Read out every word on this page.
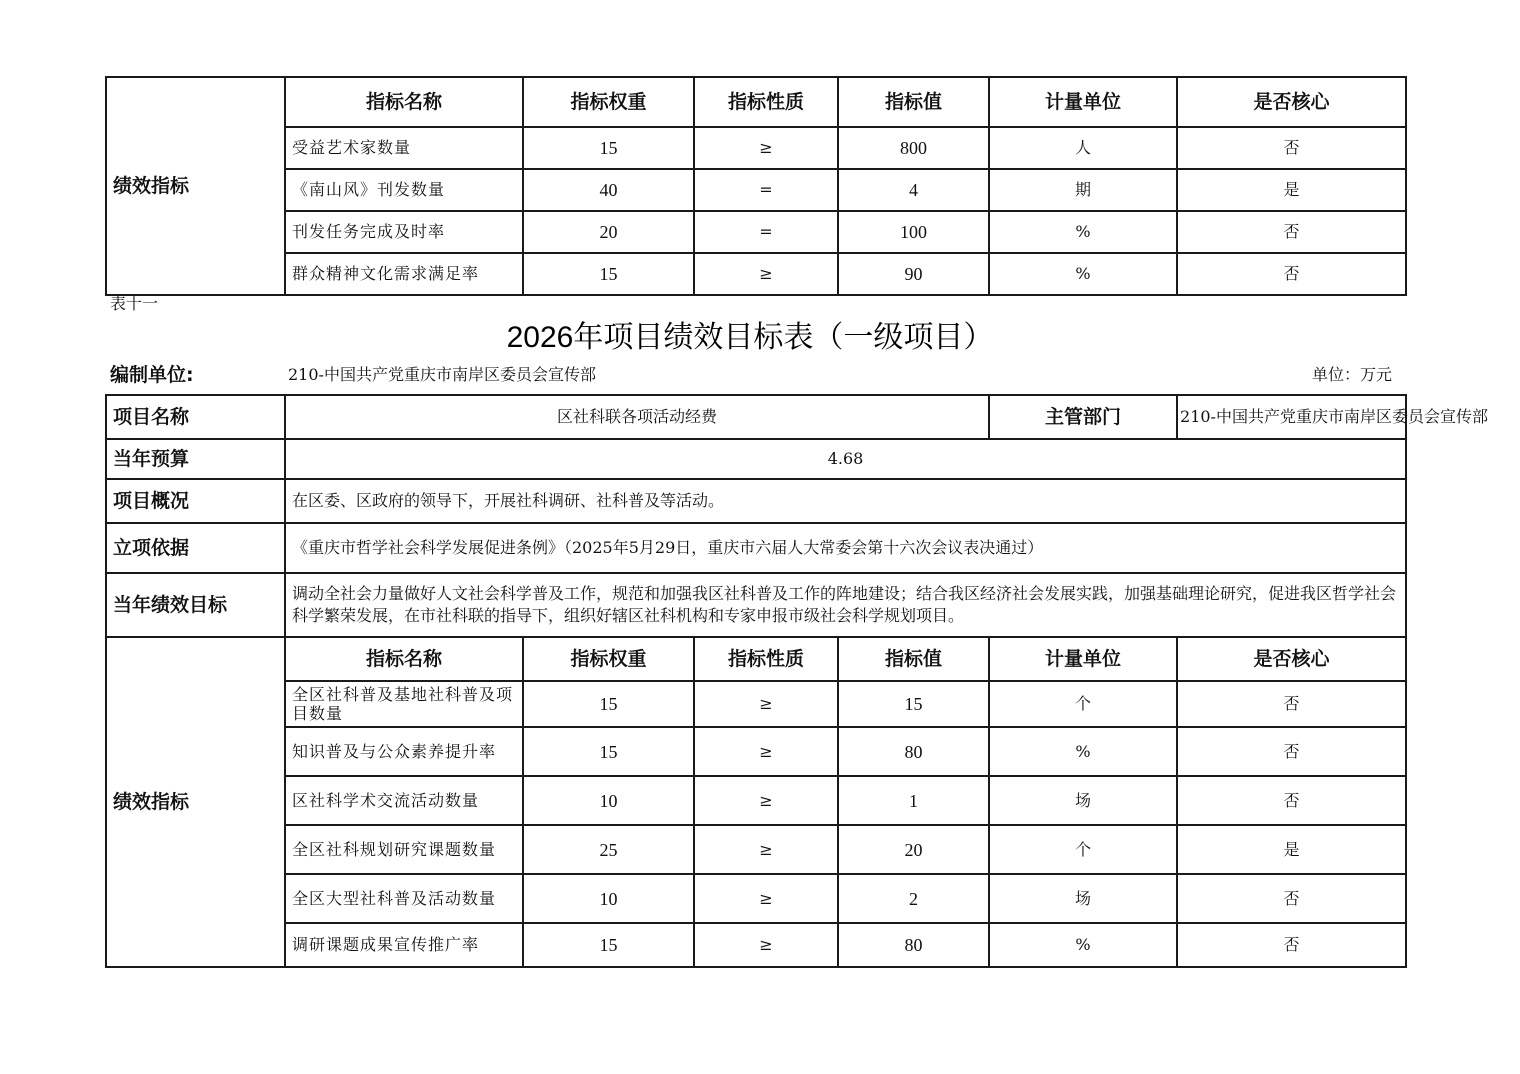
绩效指标	指标名称	指标权重	指标性质	指标值	计量单位	是否核心
	受益艺术家数量	15	≥	800	人	否
	《南山风》刊发数量	40	=	4	期	是
	刊发任务完成及时率	20	=	100	%	否
	群众精神文化需求满足率	15	≥	90	%	否
表十一
2026年项目绩效目标表（一级项目）
编制单位:	210-中国共产党重庆市南岸区委员会宣传部	单位：万元
项目名称	区社科联各项活动经费				主管部门	210-中国共产党重庆市南岸区委员会宣传部
当年预算	4.68					
项目概况	在区委、区政府的领导下，开展社科调研、社科普及等活动。					
立项依据	《重庆市哲学社会科学发展促进条例》（2025年5月29日，重庆市六届人大常委会第十六次会议表决通过）					
当年绩效目标	调动全社会力量做好人文社会科学普及工作，规范和加强我区社科普及工作的阵地建设；结合我区经济社会发展实践，加强基础理论研究，促进我区哲学社会科学繁荣发展，在市社科联的指导下，组织好辖区社科机构和专家申报市级社会科学规划项目。					
绩效指标	指标名称	指标权重	指标性质	指标值	计量单位	是否核心
	全区社科普及基地社科普及项目数量	15	≥	15	个	否
	知识普及与公众素养提升率	15	≥	80	%	否
	区社科学术交流活动数量	10	≥	1	场	否
	全区社科规划研究课题数量	25	≥	20	个	是
	全区大型社科普及活动数量	10	≥	2	场	否
	调研课题成果宣传推广率	15	≥	80	%	否
